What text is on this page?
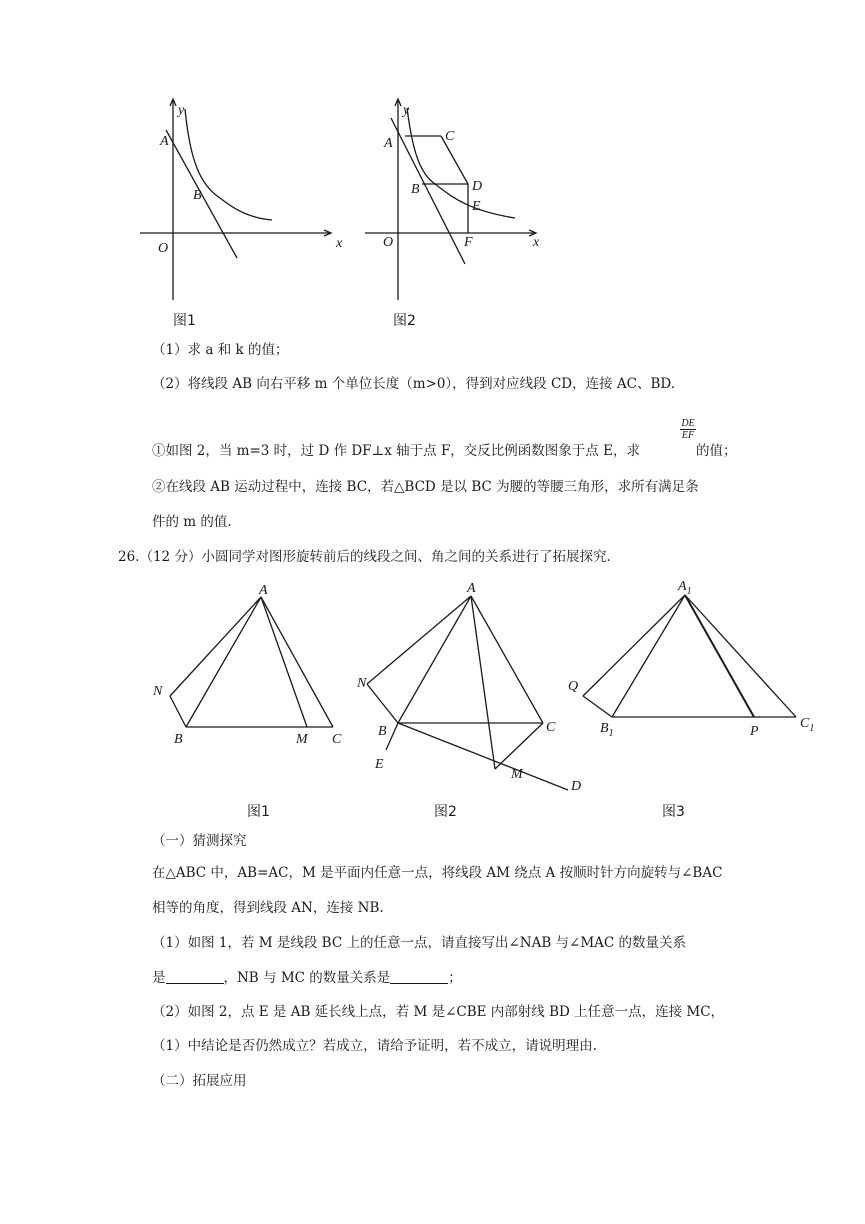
y
A
B
O	x
图1
y
A	C
B	D
E
O	F	x
图2
（1）求 a 和 k 的值；
（2）将线段 AB 向右平移 m 个单位长度（m>0），得到对应线段 CD，连接 AC、BD.
$\frac{DE}{EF}$
①如图 2，当 m=3 时，过 D 作 DF⊥x 轴于点 F，交反比例函数图象于点 E，求	的值；
②在线段 AB 运动过程中，连接 BC，若△BCD 是以 BC 为腰的等腰三角形，求所有满足条
件的 m 的值.
26.（12 分）小圆同学对图形旋转前后的线段之间、角之间的关系进行了拓展探究.
A
N
B	M C
图1
A
N
B	C
E
M
D
图2
$A_1$
Q
$B_1$	P
$C_1$
图3
（一）猜测探究
在△ABC 中，AB=AC，M 是平面内任意一点，将线段 AM 绕点 A 按顺时针方向旋转与∠BAC
相等的角度，得到线段 AN，连接 NB.
（1）如图 1，若 M 是线段 BC 上的任意一点，请直接写出∠NAB 与∠MAC 的数量关系
是	，NB 与 MC 的数量关系是	；
（2）如图 2，点 E 是 AB 延长线上点，若 M 是∠CBE 内部射线 BD 上任意一点，连接 MC，
（1）中结论是否仍然成立？若成立，请给予证明，若不成立，请说明理由.
（二）拓展应用
